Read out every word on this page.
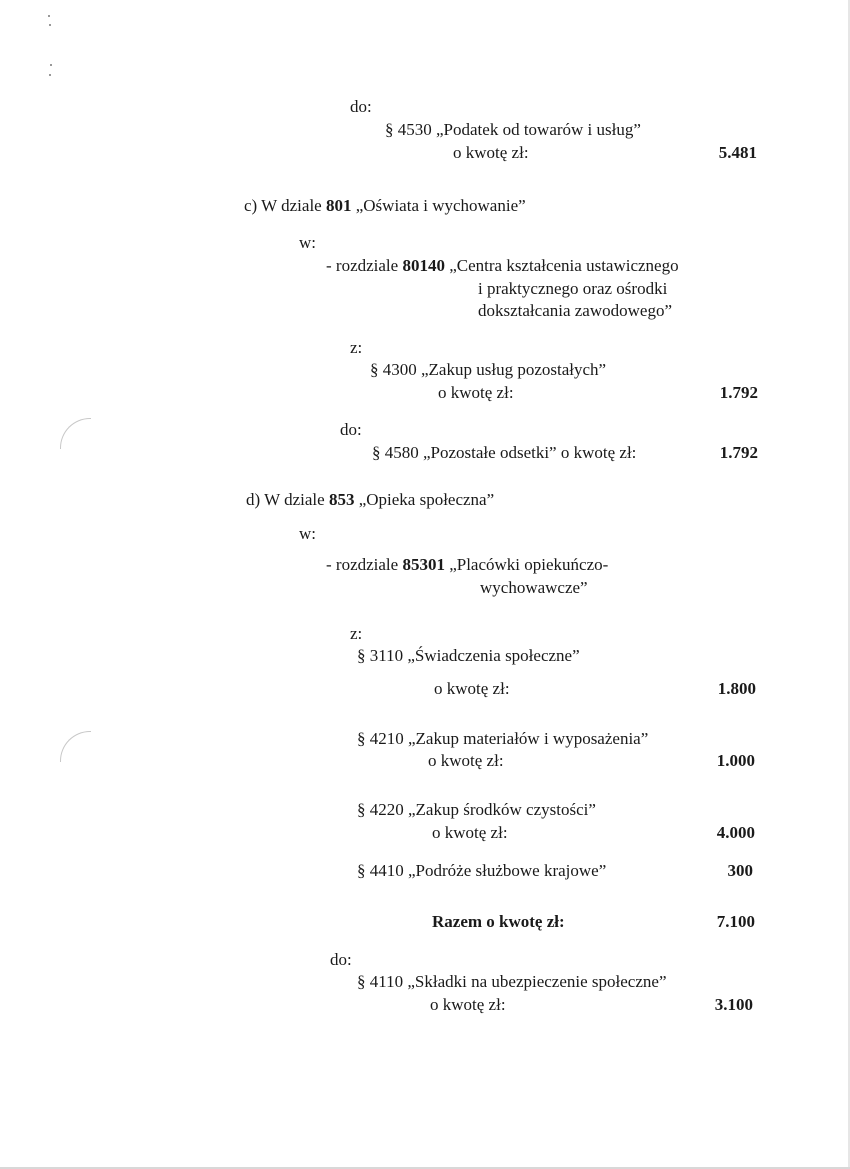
do:
§ 4530 „Podatek od towarów i usług”
o kwotę zł:	5.481
c) W dziale 801 „Oświata i wychowanie”
w:
- rozdziale 80140 „Centra kształcenia ustawicznego
i praktycznego oraz ośrodki
dokształcania zawodowego”
z:
§ 4300 „Zakup usług pozostałych”
o kwotę zł:	1.792
do:
§ 4580 „Pozostałe odsetki” o kwotę zł:	1.792
d) W dziale 853 „Opieka społeczna”
w:
- rozdziale 85301 „Placówki opiekuńczo-
wychowawcze”
z:
§ 3110 „Świadczenia społeczne”
o kwotę zł:	1.800
§ 4210 „Zakup materiałów i wyposażenia”
o kwotę zł:	1.000
§ 4220 „Zakup środków czystości”
o kwotę zł:	4.000
§ 4410 „Podróże służbowe krajowe”	300
Razem o kwotę zł:	7.100
do:
§ 4110 „Składki na ubezpieczenie społeczne”
o kwotę zł:	3.100
